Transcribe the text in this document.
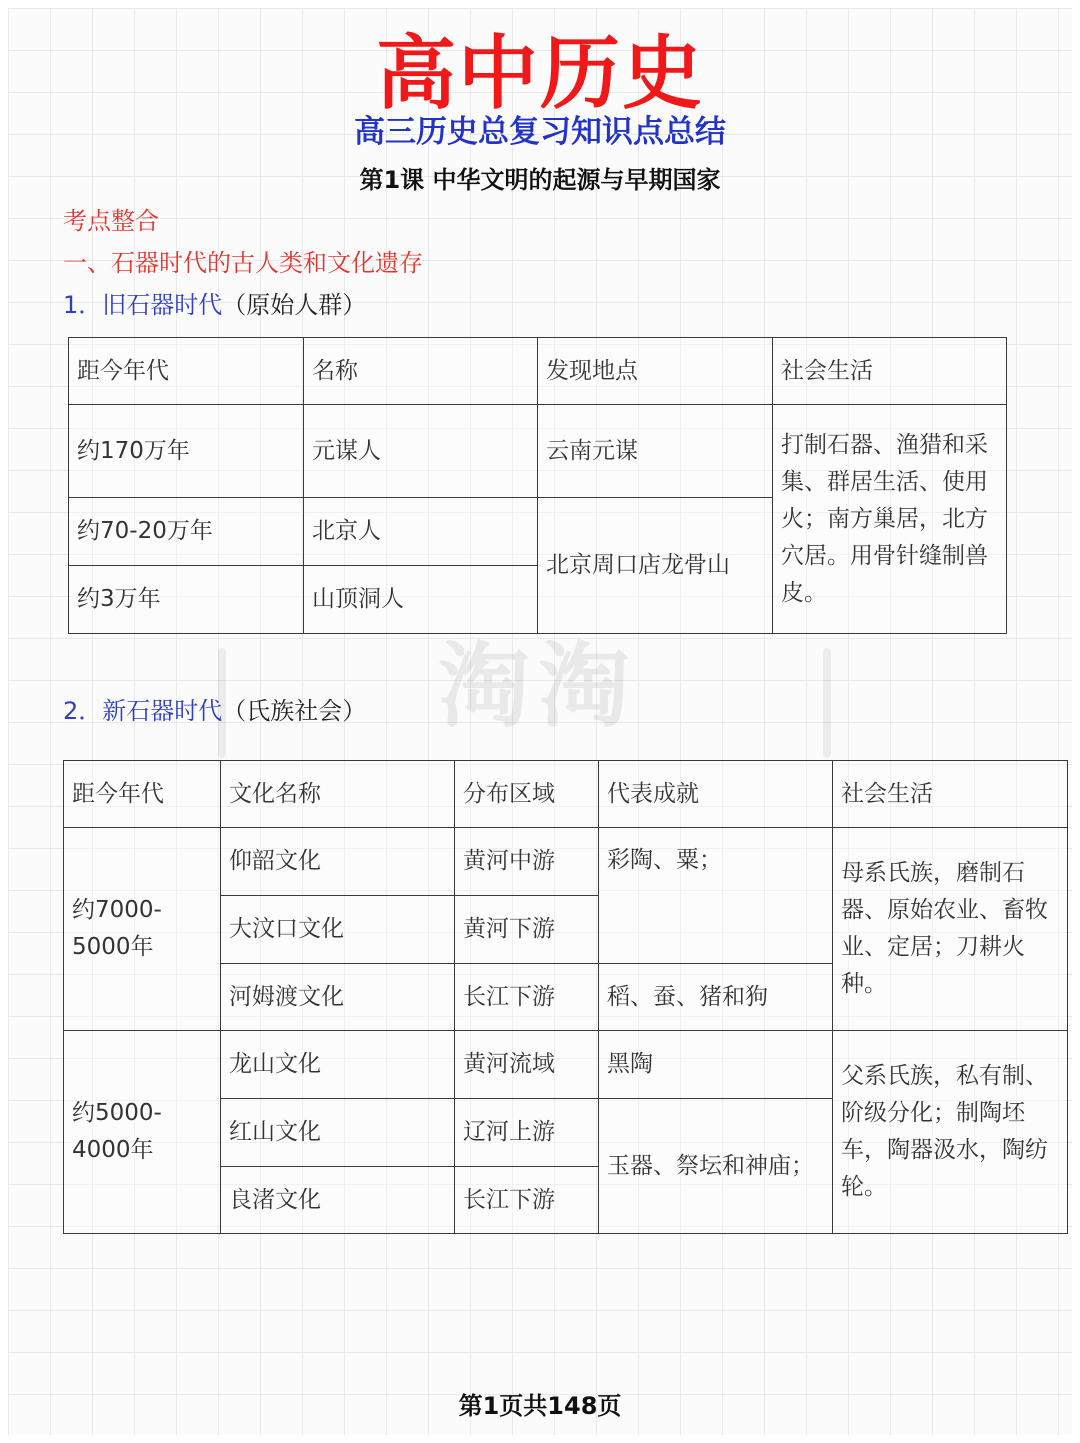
淘淘
高中历史
高三历史总复习知识点总结
第1课 中华文明的起源与早期国家
考点整合
一、石器时代的古人类和文化遗存
1．旧石器时代（原始人群）
距今年代	名称	发现地点	社会生活
约170万年	元谋人	云南元谋	打制石器、渔猎和采集、群居生活、使用火；南方巢居，北方穴居。用骨针缝制兽皮。
约70-20万年	北京人	北京周口店龙骨山	
约3万年	山顶洞人		
2．新石器时代（氏族社会）
距今年代	文化名称	分布区域	代表成就	社会生活
约7000-5000年	仰韶文化	黄河中游	彩陶、粟；	母系氏族，磨制石器、原始农业、畜牧业、定居；刀耕火种。
	大汶口文化	黄河下游		
	河姆渡文化	长江下游	稻、蚕、猪和狗	
约5000-4000年	龙山文化	黄河流域	黑陶	父系氏族，私有制、阶级分化；制陶坯车，陶器汲水，陶纺轮。
	红山文化	辽河上游	玉器、祭坛和神庙；	
	良渚文化	长江下游		
第1页共148页
